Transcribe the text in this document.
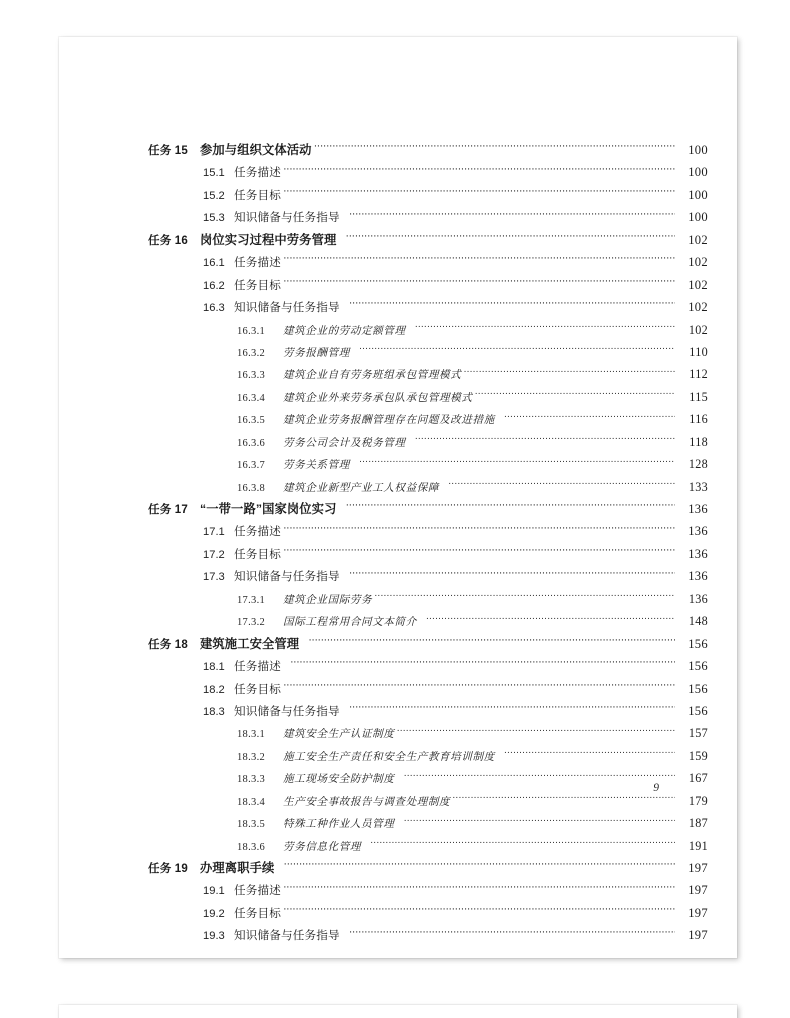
任务 15 参加与组织文体活动 ·····	100
15.1 任务描述 ·····	100
15.2 任务目标 ·····	100
15.3 知识储备与任务指导 ·····	100
任务 16 岗位实习过程中劳务管理 ·····	102
16.1 任务描述 ·····	102
16.2 任务目标 ·····	102
16.3 知识储备与任务指导 ·····	102
16.3.1	建筑企业的劳动定额管理 ·····	102
16.3.2	劳务报酬管理 ·····	110
16.3.3	建筑企业自有劳务班组承包管理模式 ·····	112
16.3.4	建筑企业外来劳务承包队承包管理模式 ·····	115
16.3.5	建筑企业劳务报酬管理存在问题及改进措施 ·····	116
16.3.6	劳务公司会计及税务管理 ·····	118
16.3.7	劳务关系管理 ·····	128
16.3.8	建筑企业新型产业工人权益保障 ·····	133
任务 17 “一带一路”国家岗位实习 ·····	136
17.1 任务描述 ·····	136
17.2 任务目标 ·····	136
17.3 知识储备与任务指导 ·····	136
17.3.1	建筑企业国际劳务 ·····	136
17.3.2	国际工程常用合同文本简介 ·····	148
任务 18 建筑施工安全管理 ·····	156
18.1 任务描述 ·····	156
18.2 任务目标 ·····	156
18.3 知识储备与任务指导 ·····	156
18.3.1	建筑安全生产认证制度 ·····	157
18.3.2	施工安全生产责任和安全生产教育培训制度 ·····	159
18.3.3	施工现场安全防护制度 ·····	167
18.3.4	生产安全事故报告与调查处理制度 ·····	179
18.3.5	特殊工种作业人员管理 ·····	187
18.3.6	劳务信息化管理 ·····	191
任务 19 办理离职手续 ·····	197
19.1 任务描述 ·····	197
19.2 任务目标 ·····	197
19.3 知识储备与任务指导 ·····	197
9
